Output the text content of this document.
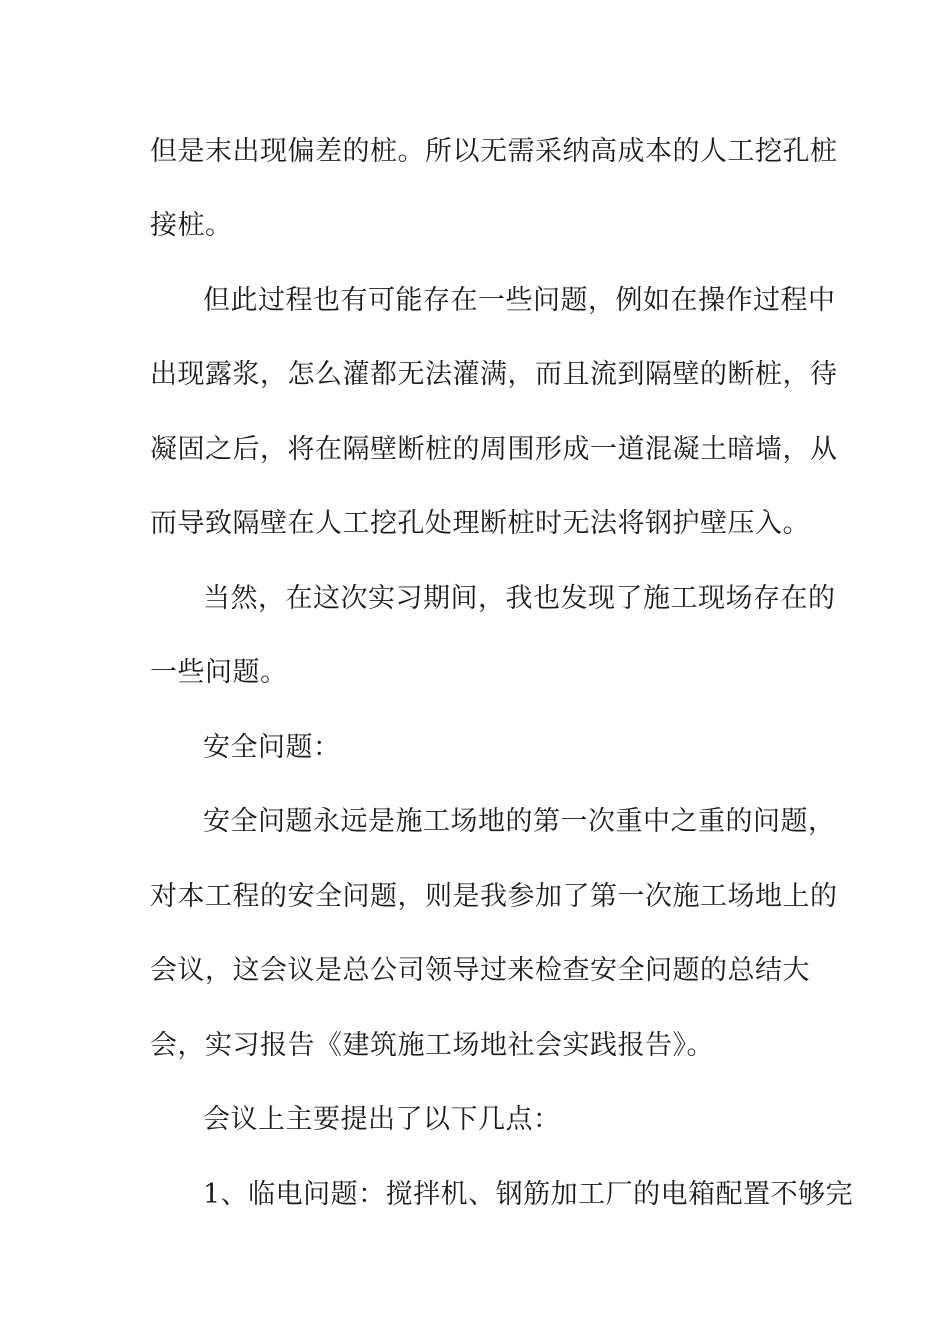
但是末出现偏差的桩。所以无需采纳高成本的人工挖孔桩
接桩。
但此过程也有可能存在一些问题，例如在操作过程中
出现露浆，怎么灌都无法灌满，而且流到隔壁的断桩，待
凝固之后，将在隔壁断桩的周围形成一道混凝土暗墙，从
而导致隔壁在人工挖孔处理断桩时无法将钢护壁压入。
当然，在这次实习期间，我也发现了施工现场存在的
一些问题。
安全问题：
安全问题永远是施工场地的第一次重中之重的问题，
对本工程的安全问题，则是我参加了第一次施工场地上的
会议，这会议是总公司领导过来检查安全问题的总结大
会，实习报告《建筑施工场地社会实践报告》。
会议上主要提出了以下几点：
1、临电问题：搅拌机、钢筋加工厂的电箱配置不够完
